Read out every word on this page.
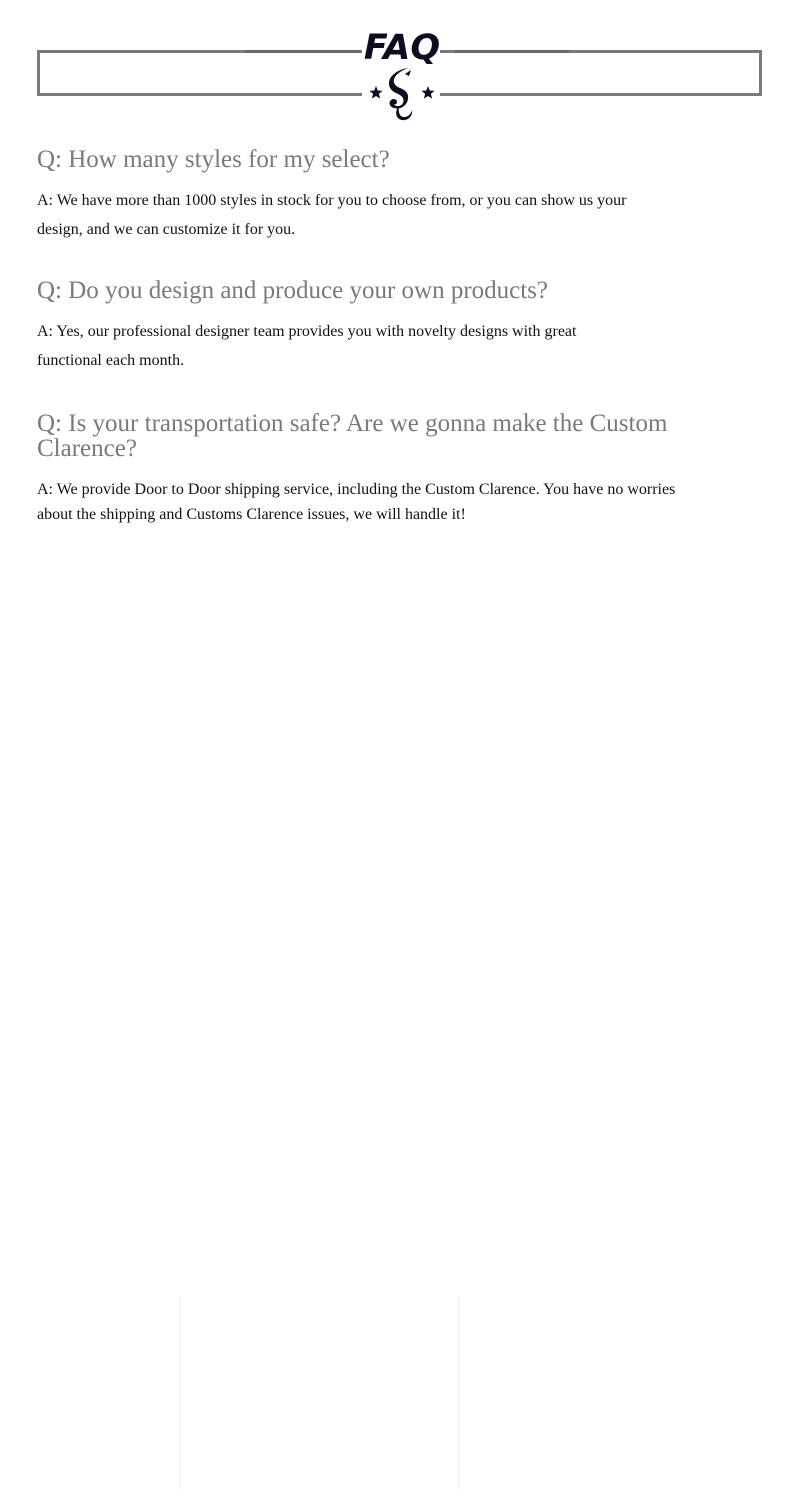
FAQ
Q: How many styles for my select?

A: We have more than 1000 styles in stock for you to choose from, or you can show us your design, and we can customize it for you.

Q: Do you design and produce your own products?

A: Yes, our professional designer team provides you with novelty designs with great functional each month.

Q: Is your transportation safe? Are we gonna make the Custom Clarence?

A: We provide Door to Door shipping service, including the Custom Clarence. You have no worries about the shipping and Customs Clarence issues, we will handle it!
